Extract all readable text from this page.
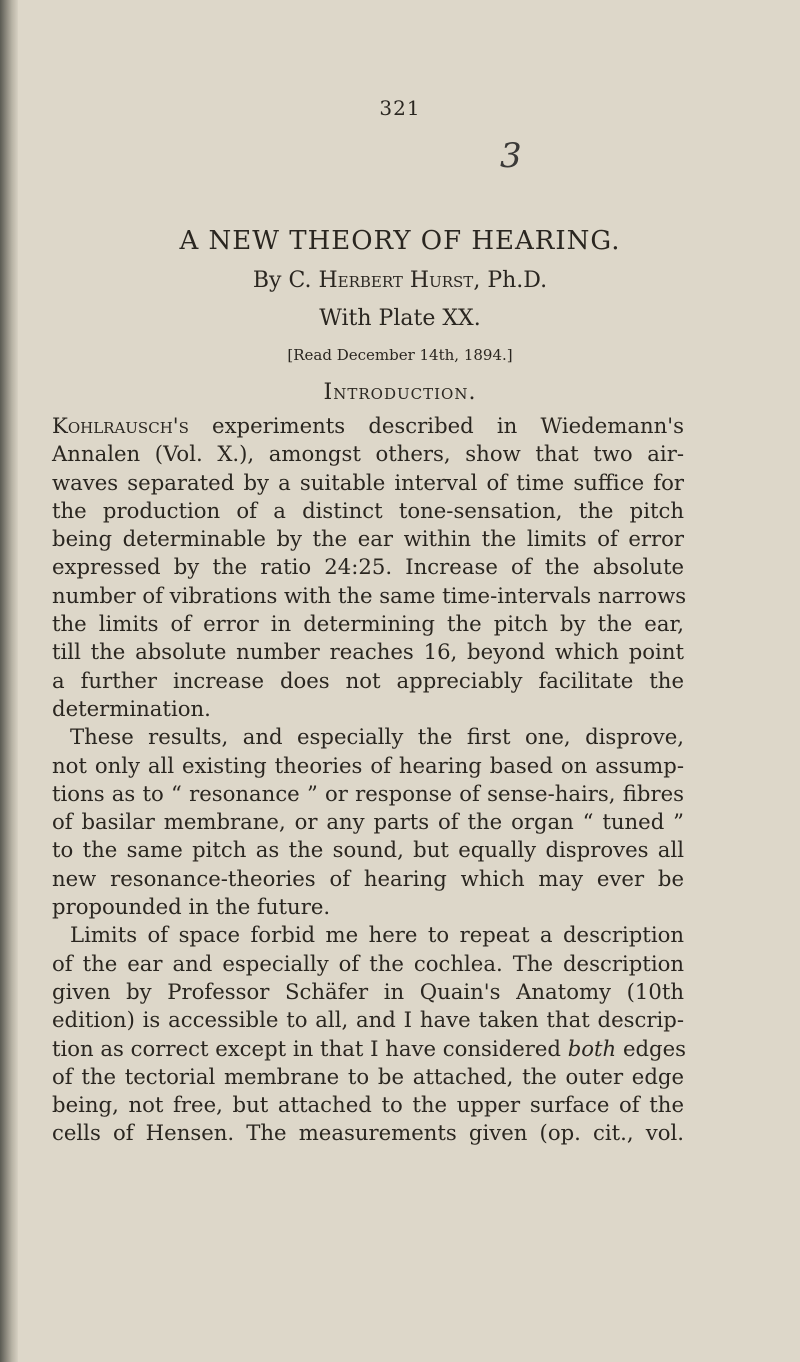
321
3
A NEW THEORY OF HEARING.
By C. Herbert Hurst, Ph.D.
With Plate XX.
[Read December 14th, 1894.]
Introduction.
Kohlrausch's experiments described in Wiedemann's
Annalen (Vol. X.), amongst others, show that two air-
waves separated by a suitable interval of time suffice for
the production of a distinct tone-sensation, the pitch
being determinable by the ear within the limits of error
expressed by the ratio 24:25. Increase of the absolute
number of vibrations with the same time-intervals narrows
the limits of error in determining the pitch by the ear,
till the absolute number reaches 16, beyond which point
a further increase does not appreciably facilitate the
determination.
These results, and especially the first one, disprove,
not only all existing theories of hearing based on assump-
tions as to “ resonance ” or response of sense-hairs, fibres
of basilar membrane, or any parts of the organ “ tuned ”
to the same pitch as the sound, but equally disproves all
new resonance-theories of hearing which may ever be
propounded in the future.
Limits of space forbid me here to repeat a description
of the ear and especially of the cochlea. The description
given by Professor Schäfer in Quain's Anatomy (10th
edition) is accessible to all, and I have taken that descrip-
tion as correct except in that I have considered both edges
of the tectorial membrane to be attached, the outer edge
being, not free, but attached to the upper surface of the
cells of Hensen. The measurements given (op. cit., vol.
